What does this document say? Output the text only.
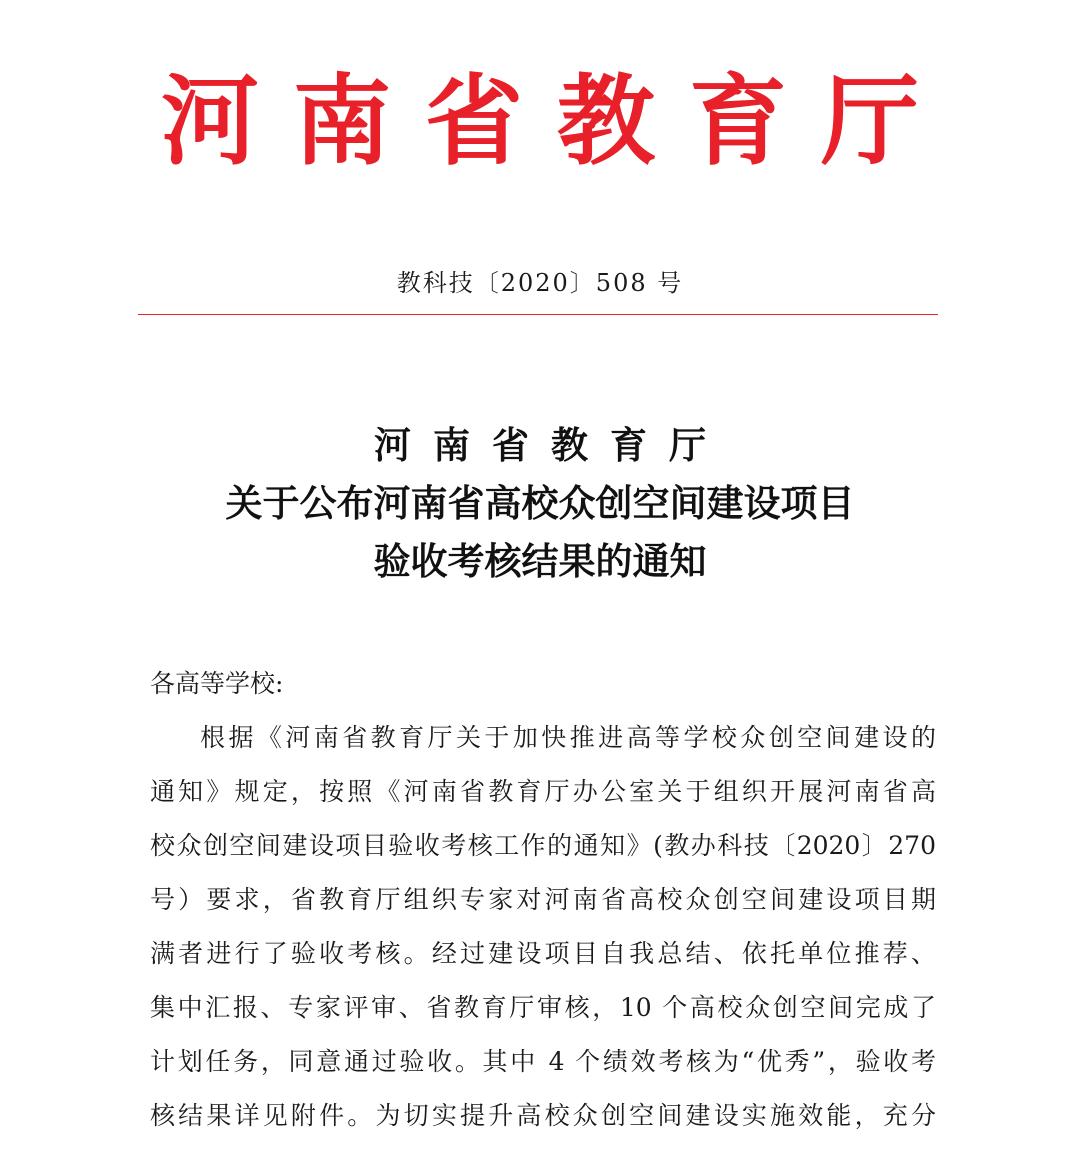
河南省教育厅
教科技〔2020〕508 号
河南省教育厅
关于公布河南省高校众创空间建设项目
验收考核结果的通知
各高等学校:
根据《河南省教育厅关于加快推进高等学校众创空间建设的
通知》规定，按照《河南省教育厅办公室关于组织开展河南省高
校众创空间建设项目验收考核工作的通知》(教办科技〔2020〕270
号）要求，省教育厅组织专家对河南省高校众创空间建设项目期
满者进行了验收考核。经过建设项目自我总结、依托单位推荐、
集中汇报、专家评审、省教育厅审核，10 个高校众创空间完成了
计划任务，同意通过验收。其中 4 个绩效考核为“优秀”，验收考
核结果详见附件。为切实提升高校众创空间建设实施效能，充分
